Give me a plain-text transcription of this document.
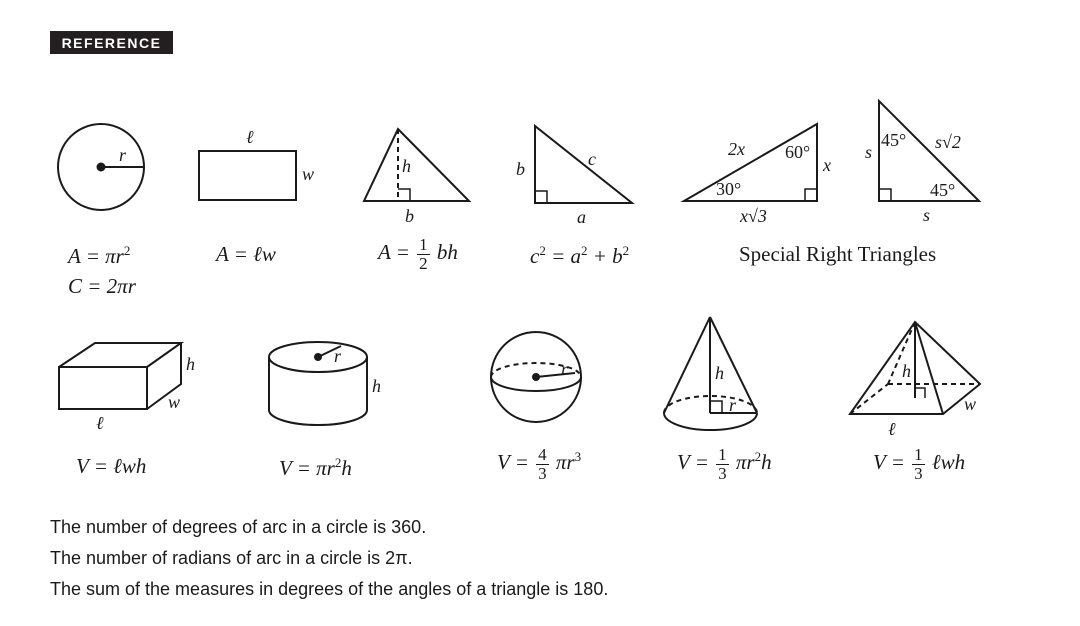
REFERENCE
r
ℓ
w	h
b
b	c
a
2x 60°
x
30°
x√3
45°
s	s√2
45°
s
h
w
ℓ
r
h
r	h
r
h
w
ℓ
$A = \pi r^2$
C = 2πr
A = ℓw	$A = \frac{1}{2}$ bh	$c^2 = a^2 + b^2$	Special Right Triangles
V = ℓwh	$V = \pi r^2h$	$V = \frac{4}{3} \pi r^3$	$V = \frac{1}{3} \pi r^2h$	$V = \frac{1}{3}$ ℓwh
The number of degrees of arc in a circle is 360.
The number of radians of arc in a circle is 2π.
The sum of the measures in degrees of the angles of a triangle is 180.
